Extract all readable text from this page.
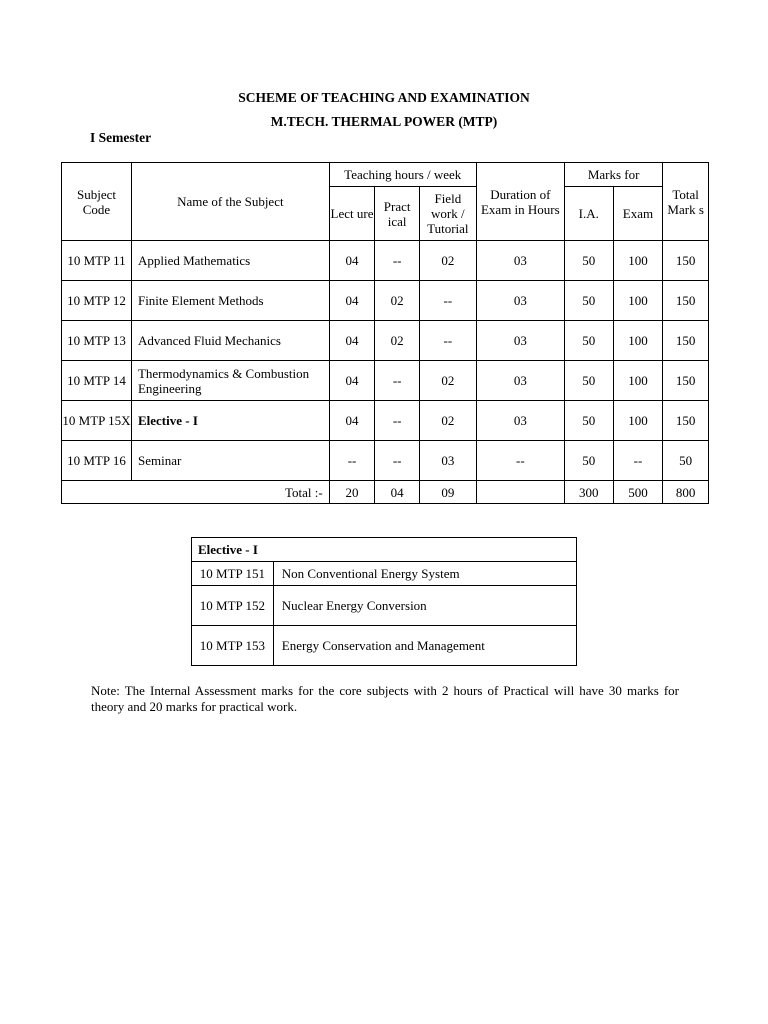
SCHEME OF TEACHING AND EXAMINATION
M.TECH. THERMAL POWER (MTP)
I Semester
Subject Code	Name of the Subject	Teaching hours / week			Duration of Exam in Hours	Marks for		Total Mark s
		Lect ure	Pract ical	Field work / Tutorial		I.A.	Exam	
10 MTP 11	Applied Mathematics	04	--	02	03	50	100	150
10 MTP 12	Finite Element Methods	04	02	--	03	50	100	150
10 MTP 13	Advanced Fluid Mechanics	04	02	--	03	50	100	150
10 MTP 14	Thermodynamics & Combustion Engineering	04	--	02	03	50	100	150
10 MTP 15X	Elective - I	04	--	02	03	50	100	150
10 MTP 16	Seminar	--	--	03	--	50	--	50
Total :-		20	04	09		300	500	800
Elective - I	
10 MTP 151	Non Conventional Energy System
10 MTP 152	Nuclear Energy Conversion
10 MTP 153	Energy Conservation and Management
Note: The Internal Assessment marks for the core subjects with 2 hours of Practical will have 30 marks for theory and 20 marks for practical work.
